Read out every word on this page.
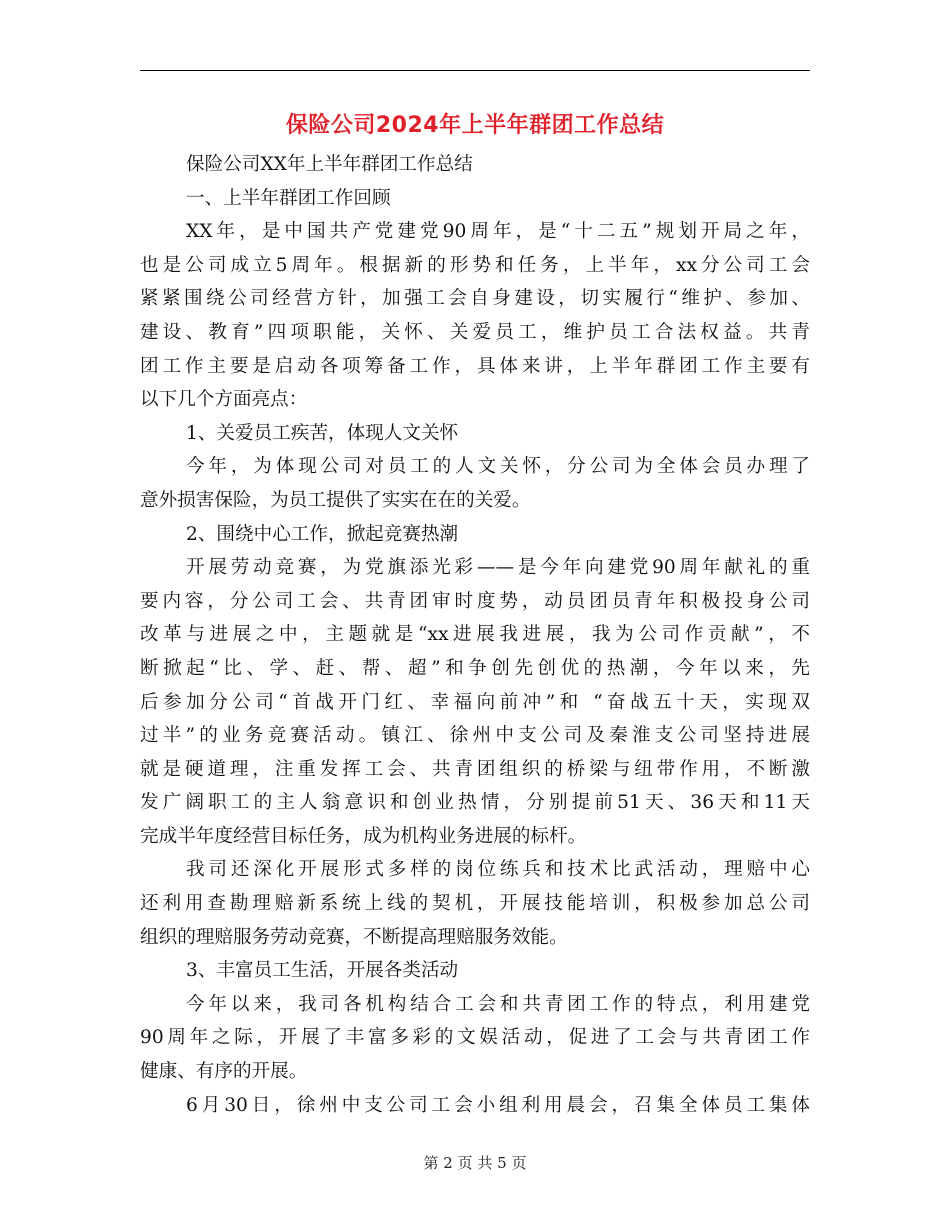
保险公司2024年上半年群团工作总结
保险公司XX年上半年群团工作总结
一、上半年群团工作回顾
XX年，是中国共产党建党90周年，是“十二五”规划开局之年，
也是公司成立5周年。根据新的形势和任务，上半年，xx分公司工会
紧紧围绕公司经营方针，加强工会自身建设，切实履行“维护、参加、
建设、教育”四项职能，关怀、关爱员工，维护员工合法权益。共青
团工作主要是启动各项筹备工作，具体来讲，上半年群团工作主要有
以下几个方面亮点：
1、关爱员工疾苦，体现人文关怀
今年，为体现公司对员工的人文关怀，分公司为全体会员办理了
意外损害保险，为员工提供了实实在在的关爱。
2、围绕中心工作，掀起竞赛热潮
开展劳动竞赛，为党旗添光彩——是今年向建党90周年献礼的重
要内容，分公司工会、共青团审时度势，动员团员青年积极投身公司
改革与进展之中，主题就是“xx进展我进展，我为公司作贡献”，不
断掀起“比、学、赶、帮、超”和争创先创优的热潮，今年以来，先
后参加分公司“首战开门红、幸福向前冲”和 “奋战五十天，实现双
过半”的业务竞赛活动。镇江、徐州中支公司及秦淮支公司坚持进展
就是硬道理，注重发挥工会、共青团组织的桥梁与纽带作用，不断激
发广阔职工的主人翁意识和创业热情，分别提前51天、36天和11天
完成半年度经营目标任务，成为机构业务进展的标杆。
我司还深化开展形式多样的岗位练兵和技术比武活动，理赔中心
还利用查勘理赔新系统上线的契机，开展技能培训，积极参加总公司
组织的理赔服务劳动竞赛，不断提高理赔服务效能。
3、丰富员工生活，开展各类活动
今年以来，我司各机构结合工会和共青团工作的特点，利用建党
90周年之际，开展了丰富多彩的文娱活动，促进了工会与共青团工作
健康、有序的开展。
6月30日，徐州中支公司工会小组利用晨会，召集全体员工集体
第 2 页 共 5 页
